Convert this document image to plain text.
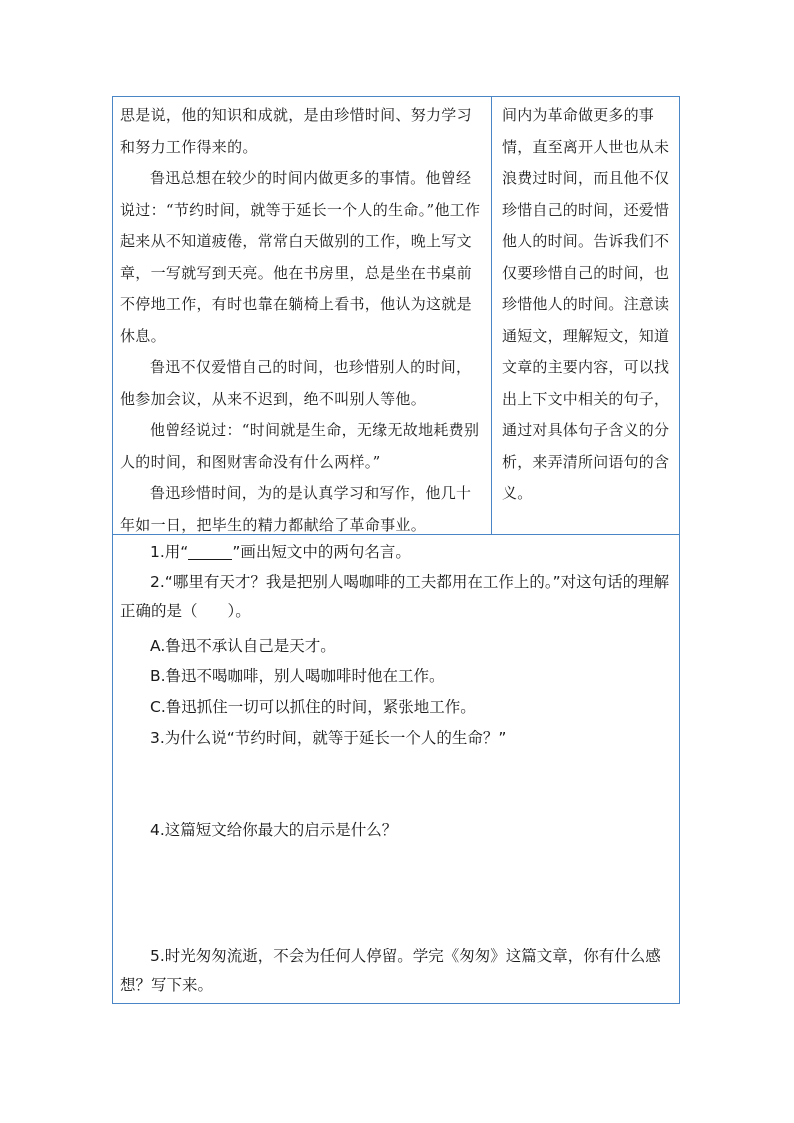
思是说，他的知识和成就，是由珍惜时间、努力学习和努力工作得来的。

鲁迅总想在较少的时间内做更多的事情。他曾经说过：“节约时间，就等于延长一个人的生命。”他工作起来从不知道疲倦，常常白天做别的工作，晚上写文章，一写就写到天亮。他在书房里，总是坐在书桌前不停地工作，有时也靠在躺椅上看书，他认为这就是休息。

鲁迅不仅爱惜自己的时间，也珍惜别人的时间，他参加会议，从来不迟到，绝不叫别人等他。

他曾经说过：“时间就是生命，无缘无故地耗费别人的时间，和图财害命没有什么两样。”

鲁迅珍惜时间，为的是认真学习和写作，他几十年如一日，把毕生的精力都献给了革命事业。

间内为革命做更多的事情，直至离开人世也从未浪费过时间，而且他不仅珍惜自己的时间，还爱惜他人的时间。告诉我们不仅要珍惜自己的时间，也珍惜他人的时间。注意读通短文，理解短文，知道文章的主要内容，可以找出上下文中相关的句子，通过对具体句子含义的分析，来弄清所问语句的含义。

1.用“	”画出短文中的两句名言。

2.“哪里有天才？我是把别人喝咖啡的工夫都用在工作上的。”对这句话的理解正确的是（ ）。

A.鲁迅不承认自己是天才。

B.鲁迅不喝咖啡，别人喝咖啡时他在工作。

C.鲁迅抓住一切可以抓住的时间，紧张地工作。

3.为什么说“节约时间，就等于延长一个人的生命？”

4.这篇短文给你最大的启示是什么？

5.时光匆匆流逝，不会为任何人停留。学完《匆匆》这篇文章，你有什么感想？写下来。
